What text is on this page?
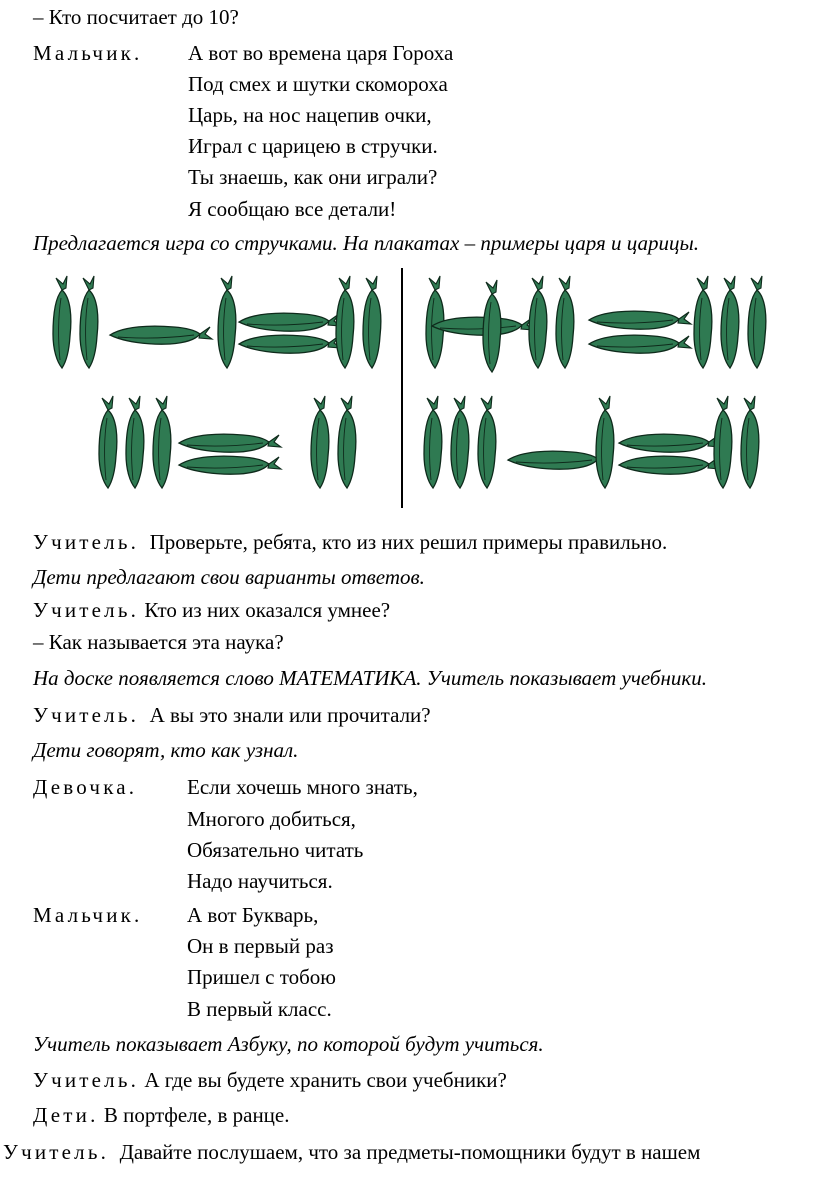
– Кто посчитает до 10?
Мальчик. А вот во времена царя Гороха
Под смех и шутки скомороха
Царь, на нос нацепив очки,
Играл с царицею в стручки.
Ты знаешь, как они играли?
Я сообщаю все детали!
Предлагается игра со стручками. На плакатах – примеры царя и царицы.
Учитель. Проверьте, ребята, кто из них решил примеры правильно.
Дети предлагают свои варианты ответов.
Учитель. Кто из них оказался умнее?
– Как называется эта наука?
На доске появляется слово МАТЕМАТИКА. Учитель показывает учебники.
Учитель. А вы это знали или прочитали?
Дети говорят, кто как узнал.
Девочка. Если хочешь много знать,
Многого добиться,
Обязательно читать
Надо научиться.
Мальчик. А вот Букварь,
Он в первый раз
Пришел с тобою
В первый класс.
Учитель показывает Азбуку, по которой будут учиться.
Учитель. А где вы будете хранить свои учебники?
Дети. В портфеле, в ранце.
Учитель. Давайте послушаем, что за предметы-помощники будут в нашем
